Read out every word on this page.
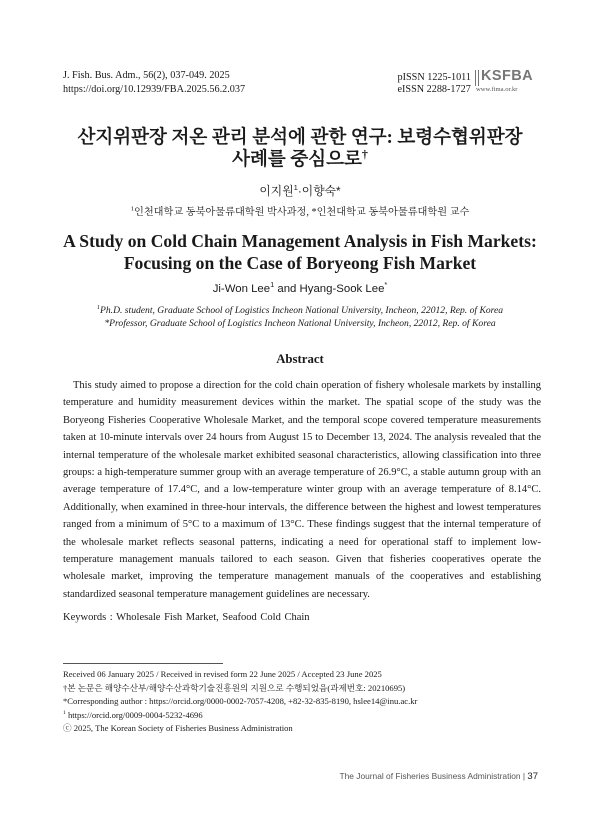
J. Fish. Bus. Adm., 56(2), 037-049. 2025
https://doi.org/10.12939/FBA.2025.56.2.037
pISSN 1225-1011
eISSN 2288-1727
KSFBA
www.fima.or.kr
산지위판장 저온 관리 분석에 관한 연구: 보령수협위판장
사례를 중심으로†
이지원$^1$·이향숙*
$^1$인천대학교 동북아물류대학원 박사과정, *인천대학교 동북아물류대학원 교수
A Study on Cold Chain Management Analysis in Fish Markets:
Focusing on the Case of Boryeong Fish Market
Ji-Won Lee$^1$ and Hyang-Sook Lee*
$^1$Ph.D. student, Graduate School of Logistics Incheon National University, Incheon, 22012, Rep. of Korea
*Professor, Graduate School of Logistics Incheon National University, Incheon, 22012, Rep. of Korea
Abstract

This study aimed to propose a direction for the cold chain operation of fishery wholesale markets by installing temperature and humidity measurement devices within the market. The spatial scope of the study was the Boryeong Fisheries Cooperative Wholesale Market, and the temporal scope covered temperature measurements taken at 10-minute intervals over 24 hours from August 15 to December 13, 2024. The analysis revealed that the internal temperature of the wholesale market exhibited seasonal characteristics, allowing classification into three groups: a high-temperature summer group with an average temperature of 26.9°C, a stable autumn group with an average temperature of 17.4°C, and a low-temperature winter group with an average temperature of 8.14°C. Additionally, when examined in three-hour intervals, the difference between the highest and lowest temperatures ranged from a minimum of 5°C to a maximum of 13°C. These findings suggest that the internal temperature of the wholesale market reflects seasonal patterns, indicating a need for operational staff to implement low-temperature management manuals tailored to each season. Given that fisheries cooperatives operate the wholesale market, improving the temperature management manuals of the cooperatives and establishing standardized seasonal temperature management guidelines are necessary.

Keywords : Wholesale Fish Market, Seafood Cold Chain
Received 06 January 2025 / Received in revised form 22 June 2025 / Accepted 23 June 2025
†본 논문은 해양수산부/해양수산과학기술진흥원의 지원으로 수행되었음(과제번호: 20210695)
*Corresponding author : https://orcid.org/0000-0002-7057-4208, +82-32-835-8190, hslee14@inu.ac.kr
$^1$ https://orcid.org/0009-0004-5232-4696
ⓒ 2025, The Korean Society of Fisheries Business Administration
The Journal of Fisheries Business Administration | 37
